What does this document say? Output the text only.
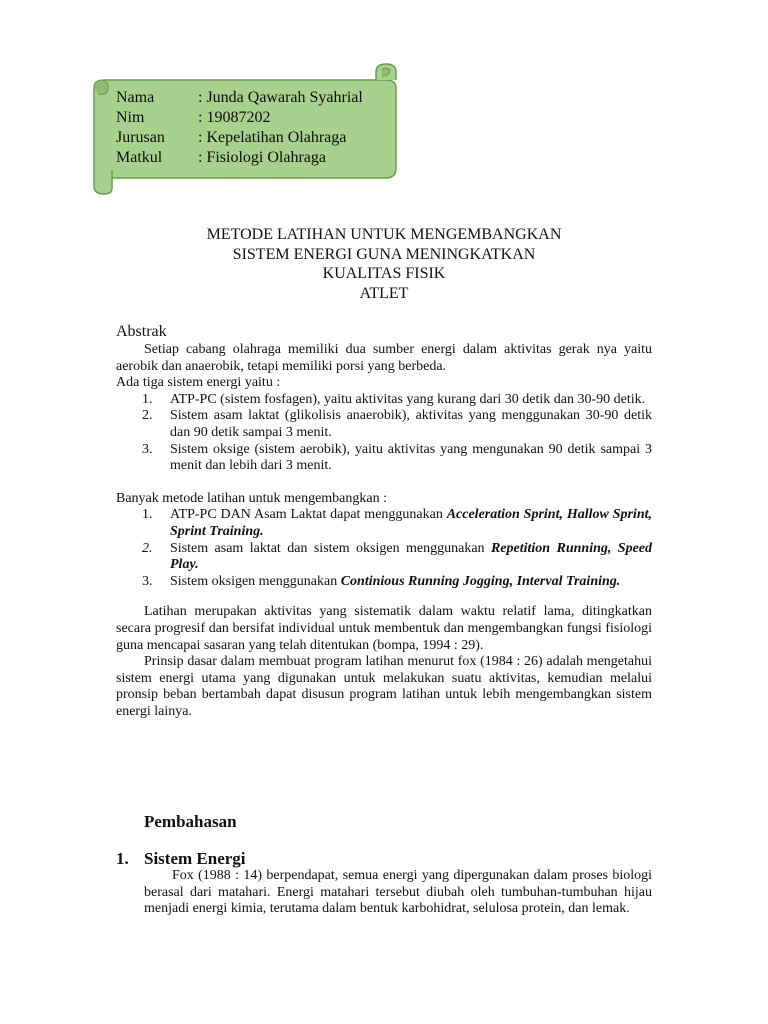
Nama	: Junda Qawarah Syahrial
Nim	: 19087202
Jurusan	: Kepelatihan Olahraga
Matkul	: Fisiologi Olahraga
METODE LATIHAN UNTUK MENGEMBANGKAN
SISTEM ENERGI GUNA MENINGKATKAN
KUALITAS FISIK
ATLET
Abstrak

Setiap cabang olahraga memiliki dua sumber energi dalam aktivitas gerak nya yaitu aerobik dan anaerobik, tetapi memiliki porsi yang berbeda.

Ada tiga sistem energi yaitu :

1. ATP-PC (sistem fosfagen), yaitu aktivitas yang kurang dari 30 detik dan 30-90 detik.
2. Sistem asam laktat (glikolisis anaerobik), aktivitas yang menggunakan 30-90 detik    dan 90 detik sampai 3 menit.
3. Sistem oksige (sistem aerobik), yaitu aktivitas yang mengunakan 90 detik sampai 3 menit dan lebih dari 3 menit.

Banyak metode latihan untuk mengembangkan :

1. ATP-PC DAN Asam Laktat dapat menggunakan Acceleration Sprint, Hallow Sprint, Sprint Training.
2. Sistem asam laktat dan sistem oksigen menggunakan Repetition Running, Speed Play.
3. Sistem oksigen menggunakan Continious Running Jogging, Interval Training.

Latihan merupakan aktivitas yang sistematik dalam waktu relatif lama, ditingkatkan secara progresif dan bersifat individual untuk membentuk dan mengembangkan fungsi fisiologi guna mencapai sasaran yang telah ditentukan (bompa, 1994 : 29).

Prinsip dasar dalam membuat program latihan menurut fox (1984 : 26) adalah mengetahui sistem energi utama yang digunakan untuk melakukan suatu aktivitas, kemudian melalui pronsip beban bertambah dapat disusun program latihan untuk lebih mengembangkan sistem energi lainya.

Pembahasan
1. Sistem Energi

Fox (1988 : 14) berpendapat, semua energi yang dipergunakan dalam proses biologi berasal dari matahari. Energi matahari tersebut diubah oleh tumbuhan-tumbuhan hijau menjadi energi kimia, terutama dalam bentuk karbohidrat, selulosa protein, dan lemak.
